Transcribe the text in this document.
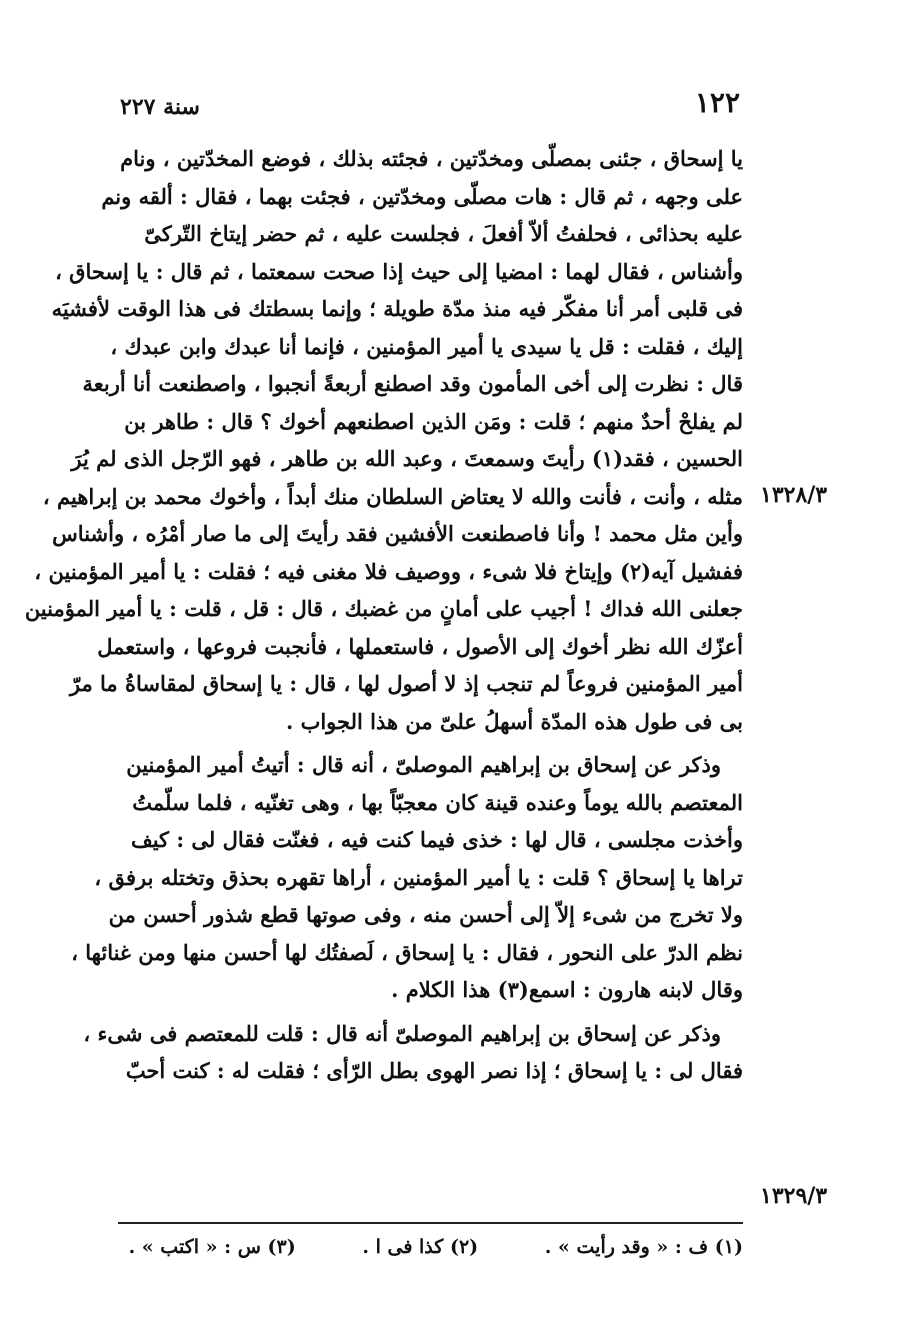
١٢٢
سنة ٢٢٧
يا إسحاق ، جئنى بمصلّى ومخدّتين ، فجئته بذلك ، فوضع المخدّتين ، ونام
على وجهه ، ثم قال : هات مصلّى ومخدّتين ، فجئت بهما ، فقال : ألقه ونم
عليه بحذائى ، فحلفتُ ألاّ أفعلَ ، فجلست عليه ، ثم حضر إيتاخ التّركىّ
وأشناس ، فقال لهما : امضيا إلى حيث إذا صحت سمعتما ، ثم قال : يا إسحاق ،
فى قلبى أمر أنا مفكّر فيه منذ مدّة طويلة ؛ وإنما بسطتك فى هذا الوقت لأفشيَه
إليك ، فقلت : قل يا سيدى يا أمير المؤمنين ، فإنما أنا عبدك وابن عبدك ،
قال : نظرت إلى أخى المأمون وقد اصطنع أربعةً أنجبوا ، واصطنعت أنا أربعة
لم يفلحْ أحدٌ منهم ؛ قلت : ومَن الذين اصطنعهم أخوك ؟ قال : طاهر بن
الحسين ، فقد(١) رأيتَ وسمعتَ ، وعبد الله بن طاهر ، فهو الرّجل الذى لم يُرَ
مثله ، وأنت ، فأنت والله لا يعتاض السلطان منك أبداً ، وأخوك محمد بن إبراهيم ،
وأين مثل محمد ! وأنا فاصطنعت الأفشين فقد رأيتَ إلى ما صار أمْرُه ، وأشناس
ففشيل آيه(٢) وإيتاخ فلا شىء ، ووصيف فلا مغنى فيه ؛ فقلت : يا أمير المؤمنين ،
جعلنى الله فداك ! أجيب على أمانٍ من غضبك ، قال : قل ، قلت : يا أمير المؤمنين
أعزّك الله نظر أخوك إلى الأصول ، فاستعملها ، فأنجبت فروعها ، واستعمل
أمير المؤمنين فروعاً لم تنجب إذ لا أصول لها ، قال : يا إسحاق لمقاساةُ ما مرّ
بى فى طول هذه المدّة أسهلُ علىّ من هذا الجواب .
وذكر عن إسحاق بن إبراهيم الموصلىّ ، أنه قال : أتيتُ أمير المؤمنين
المعتصم بالله يوماً وعنده قينة كان معجبّاً بها ، وهى تغنّيه ، فلما سلّمتُ
وأخذت مجلسى ، قال لها : خذى فيما كنت فيه ، فغنّت فقال لى : كيف
تراها يا إسحاق ؟ قلت : يا أمير المؤمنين ، أراها تقهره بحذق وتختله برفق ،
ولا تخرج من شىء إلاّ إلى أحسن منه ، وفى صوتها قطع شذور أحسن من
نظم الدرّ على النحور ، فقال : يا إسحاق ، لَصفتُك لها أحسن منها ومن غنائها ،
وقال لابنه هارون : اسمع(٣) هذا الكلام .
وذكر عن إسحاق بن إبراهيم الموصلىّ أنه قال : قلت للمعتصم فى شىء ،
فقال لى : يا إسحاق ؛ إذا نصر الهوى بطل الرّأى ؛ فقلت له : كنت أحبّ
١٣٢٨/٣
١٣٢٩/٣
(١) ف : « وقد رأيت » . (٢) كذا فى ا . (٣) س : « اكتب » .
